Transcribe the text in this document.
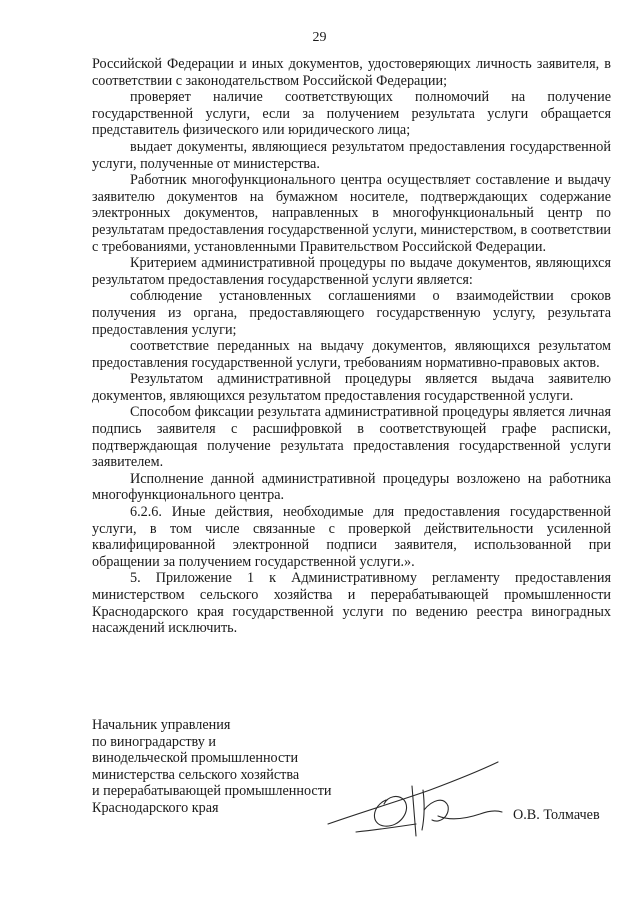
29

Российской Федерации и иных документов, удостоверяющих личность заявителя, в соответствии с законодательством Российской Федерации;

проверяет наличие соответствующих полномочий на получение государственной услуги, если за получением результата услуги обращается представитель физического или юридического лица;

выдает документы, являющиеся результатом предоставления государственной услуги, полученные от министерства.

Работник многофункционального центра осуществляет составление и выдачу заявителю документов на бумажном носителе, подтверждающих содержание электронных документов, направленных в многофункциональный центр по результатам предоставления государственной услуги, министерством, в соответствии с требованиями, установленными Правительством Российской Федерации.

Критерием административной процедуры по выдаче документов, являющихся результатом предоставления государственной услуги является:

соблюдение установленных соглашениями о взаимодействии сроков получения из органа, предоставляющего государственную услугу, результата предоставления услуги;

соответствие переданных на выдачу документов, являющихся результатом предоставления государственной услуги, требованиям нормативно-правовых актов.

Результатом административной процедуры является выдача заявителю документов, являющихся результатом предоставления государственной услуги.

Способом фиксации результата административной процедуры является личная подпись заявителя с расшифровкой в соответствующей графе расписки, подтверждающая получение результата предоставления государственной услуги заявителем.

Исполнение данной административной процедуры возложено на работника многофункционального центра.

6.2.6. Иные действия, необходимые для предоставления государственной услуги, в том числе связанные с проверкой действительности усиленной квалифицированной электронной подписи заявителя, использованной при обращении за получением государственной услуги.».

5. Приложение 1 к Административному регламенту предоставления министерством сельского хозяйства и перерабатывающей промышленности Краснодарского края государственной услуги по ведению реестра виноградных насаждений исключить.

Начальник управления
по виноградарству и
винодельческой промышленности
министерства сельского хозяйства
и перерабатывающей промышленности
Краснодарского края	О.В. Толмачев
